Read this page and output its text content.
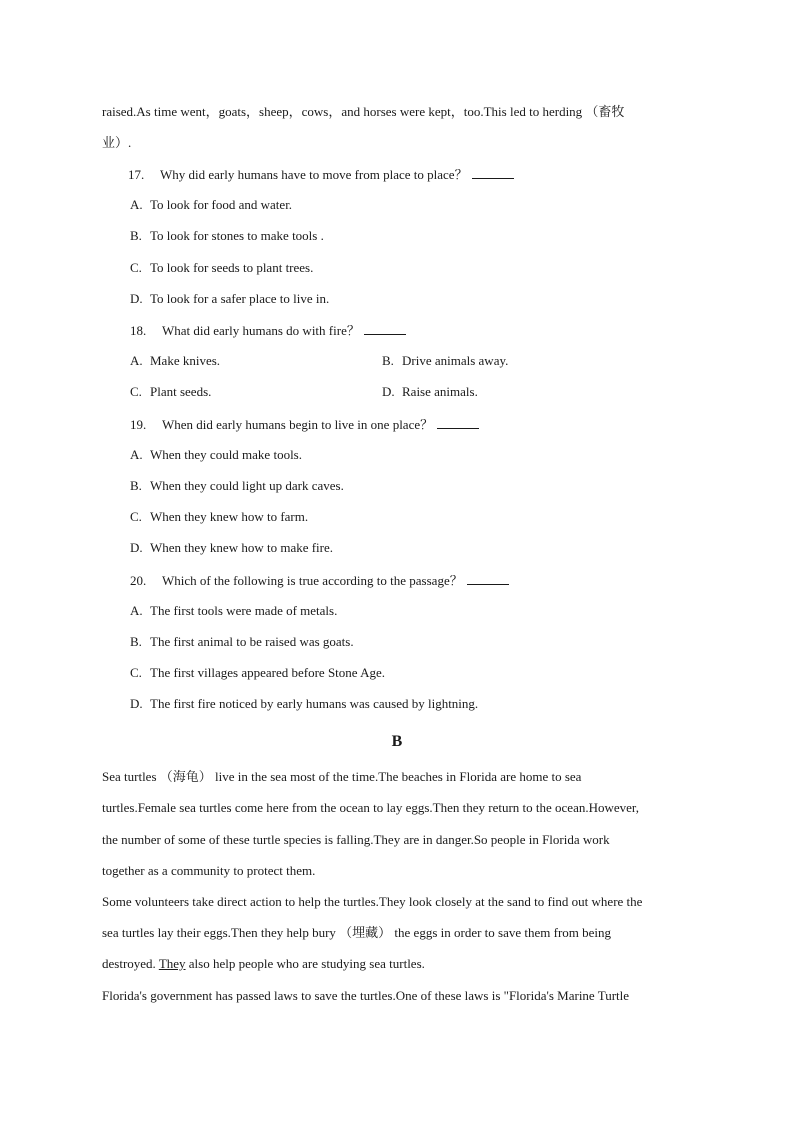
raised.As time went，goats，sheep，cows，and horses were kept，too.This led to herding （畜牧
业）.
17. Why did early humans have to move from place to place？
A. To look for food and water.
B. To look for stones to make tools .
C. To look for seeds to plant trees.
D. To look for a safer place to live in.
18. What did early humans do with fire？
A. Make knives.	B. Drive animals away.
C. Plant seeds.	D. Raise animals.
19. When did early humans begin to live in one place？
A. When they could make tools.
B. When they could light up dark caves.
C. When they knew how to farm.
D. When they knew how to make fire.
20. Which of the following is true according to the passage？
A. The first tools were made of metals.
B. The first animal to be raised was goats.
C. The first villages appeared before Stone Age.
D. The first fire noticed by early humans was caused by lightning.
B
Sea turtles （海龟） live in the sea most of the time.The beaches in Florida are home to sea
turtles.Female sea turtles come here from the ocean to lay eggs.Then they return to the ocean.However,
the number of some of these turtle species is falling.They are in danger.So people in Florida work
together as a community to protect them.
Some volunteers take direct action to help the turtles.They look closely at the sand to find out where the
sea turtles lay their eggs.Then they help bury （埋藏） the eggs in order to save them from being
destroyed. They also help people who are studying sea turtles.
Florida's government has passed laws to save the turtles.One of these laws is "Florida's Marine Turtle
